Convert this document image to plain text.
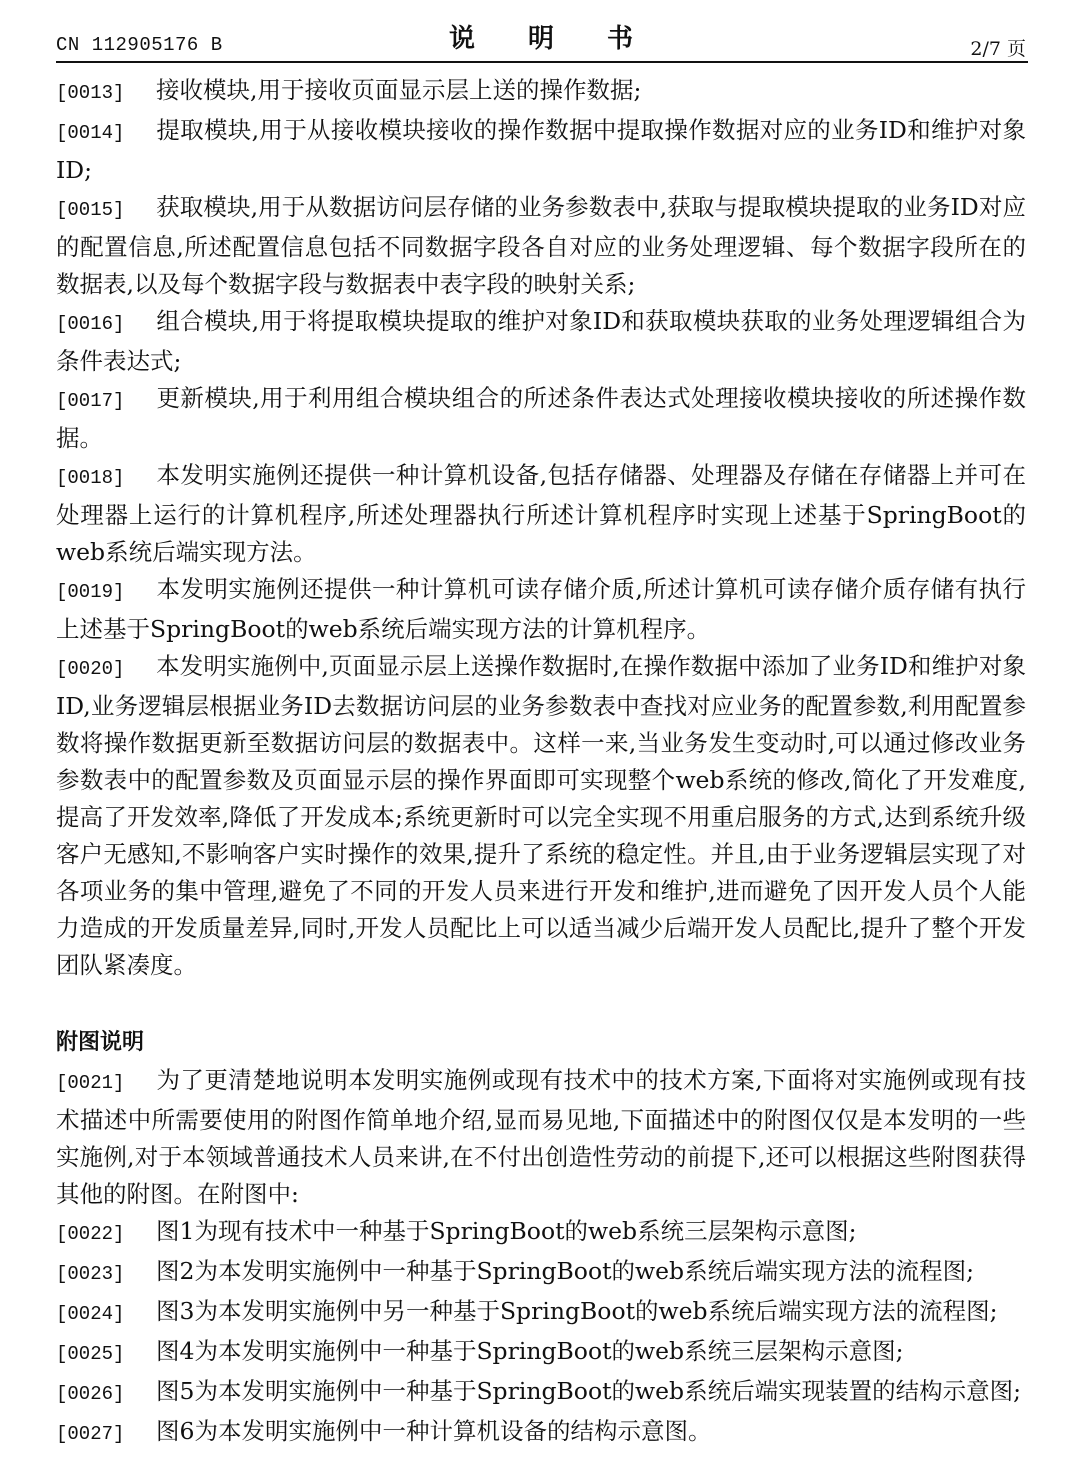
CN 112905176 B	说 明 书	2/7 页

[0013] 接收模块,用于接收页面显示层上送的操作数据;

[0014] 提取模块,用于从接收模块接收的操作数据中提取操作数据对应的业务ID和维护对象ID;

[0015] 获取模块,用于从数据访问层存储的业务参数表中,获取与提取模块提取的业务ID对应的配置信息,所述配置信息包括不同数据字段各自对应的业务处理逻辑、每个数据字段所在的数据表,以及每个数据字段与数据表中表字段的映射关系;

[0016] 组合模块,用于将提取模块提取的维护对象ID和获取模块获取的业务处理逻辑组合为条件表达式;

[0017] 更新模块,用于利用组合模块组合的所述条件表达式处理接收模块接收的所述操作数据。

[0018] 本发明实施例还提供一种计算机设备,包括存储器、处理器及存储在存储器上并可在处理器上运行的计算机程序,所述处理器执行所述计算机程序时实现上述基于SpringBoot的web系统后端实现方法。

[0019] 本发明实施例还提供一种计算机可读存储介质,所述计算机可读存储介质存储有执行上述基于SpringBoot的web系统后端实现方法的计算机程序。

[0020] 本发明实施例中,页面显示层上送操作数据时,在操作数据中添加了业务ID和维护对象ID,业务逻辑层根据业务ID去数据访问层的业务参数表中查找对应业务的配置参数,利用配置参数将操作数据更新至数据访问层的数据表中。这样一来,当业务发生变动时,可以通过修改业务参数表中的配置参数及页面显示层的操作界面即可实现整个web系统的修改,简化了开发难度,提高了开发效率,降低了开发成本;系统更新时可以完全实现不用重启服务的方式,达到系统升级客户无感知,不影响客户实时操作的效果,提升了系统的稳定性。并且,由于业务逻辑层实现了对各项业务的集中管理,避免了不同的开发人员来进行开发和维护,进而避免了因开发人员个人能力造成的开发质量差异,同时,开发人员配比上可以适当减少后端开发人员配比,提升了整个开发团队紧凑度。

附图说明

[0021] 为了更清楚地说明本发明实施例或现有技术中的技术方案,下面将对实施例或现有技术描述中所需要使用的附图作简单地介绍,显而易见地,下面描述中的附图仅仅是本发明的一些实施例,对于本领域普通技术人员来讲,在不付出创造性劳动的前提下,还可以根据这些附图获得其他的附图。在附图中:

[0022] 图1为现有技术中一种基于SpringBoot的web系统三层架构示意图;

[0023] 图2为本发明实施例中一种基于SpringBoot的web系统后端实现方法的流程图;

[0024] 图3为本发明实施例中另一种基于SpringBoot的web系统后端实现方法的流程图;

[0025] 图4为本发明实施例中一种基于SpringBoot的web系统三层架构示意图;

[0026] 图5为本发明实施例中一种基于SpringBoot的web系统后端实现装置的结构示意图;

[0027] 图6为本发明实施例中一种计算机设备的结构示意图。
